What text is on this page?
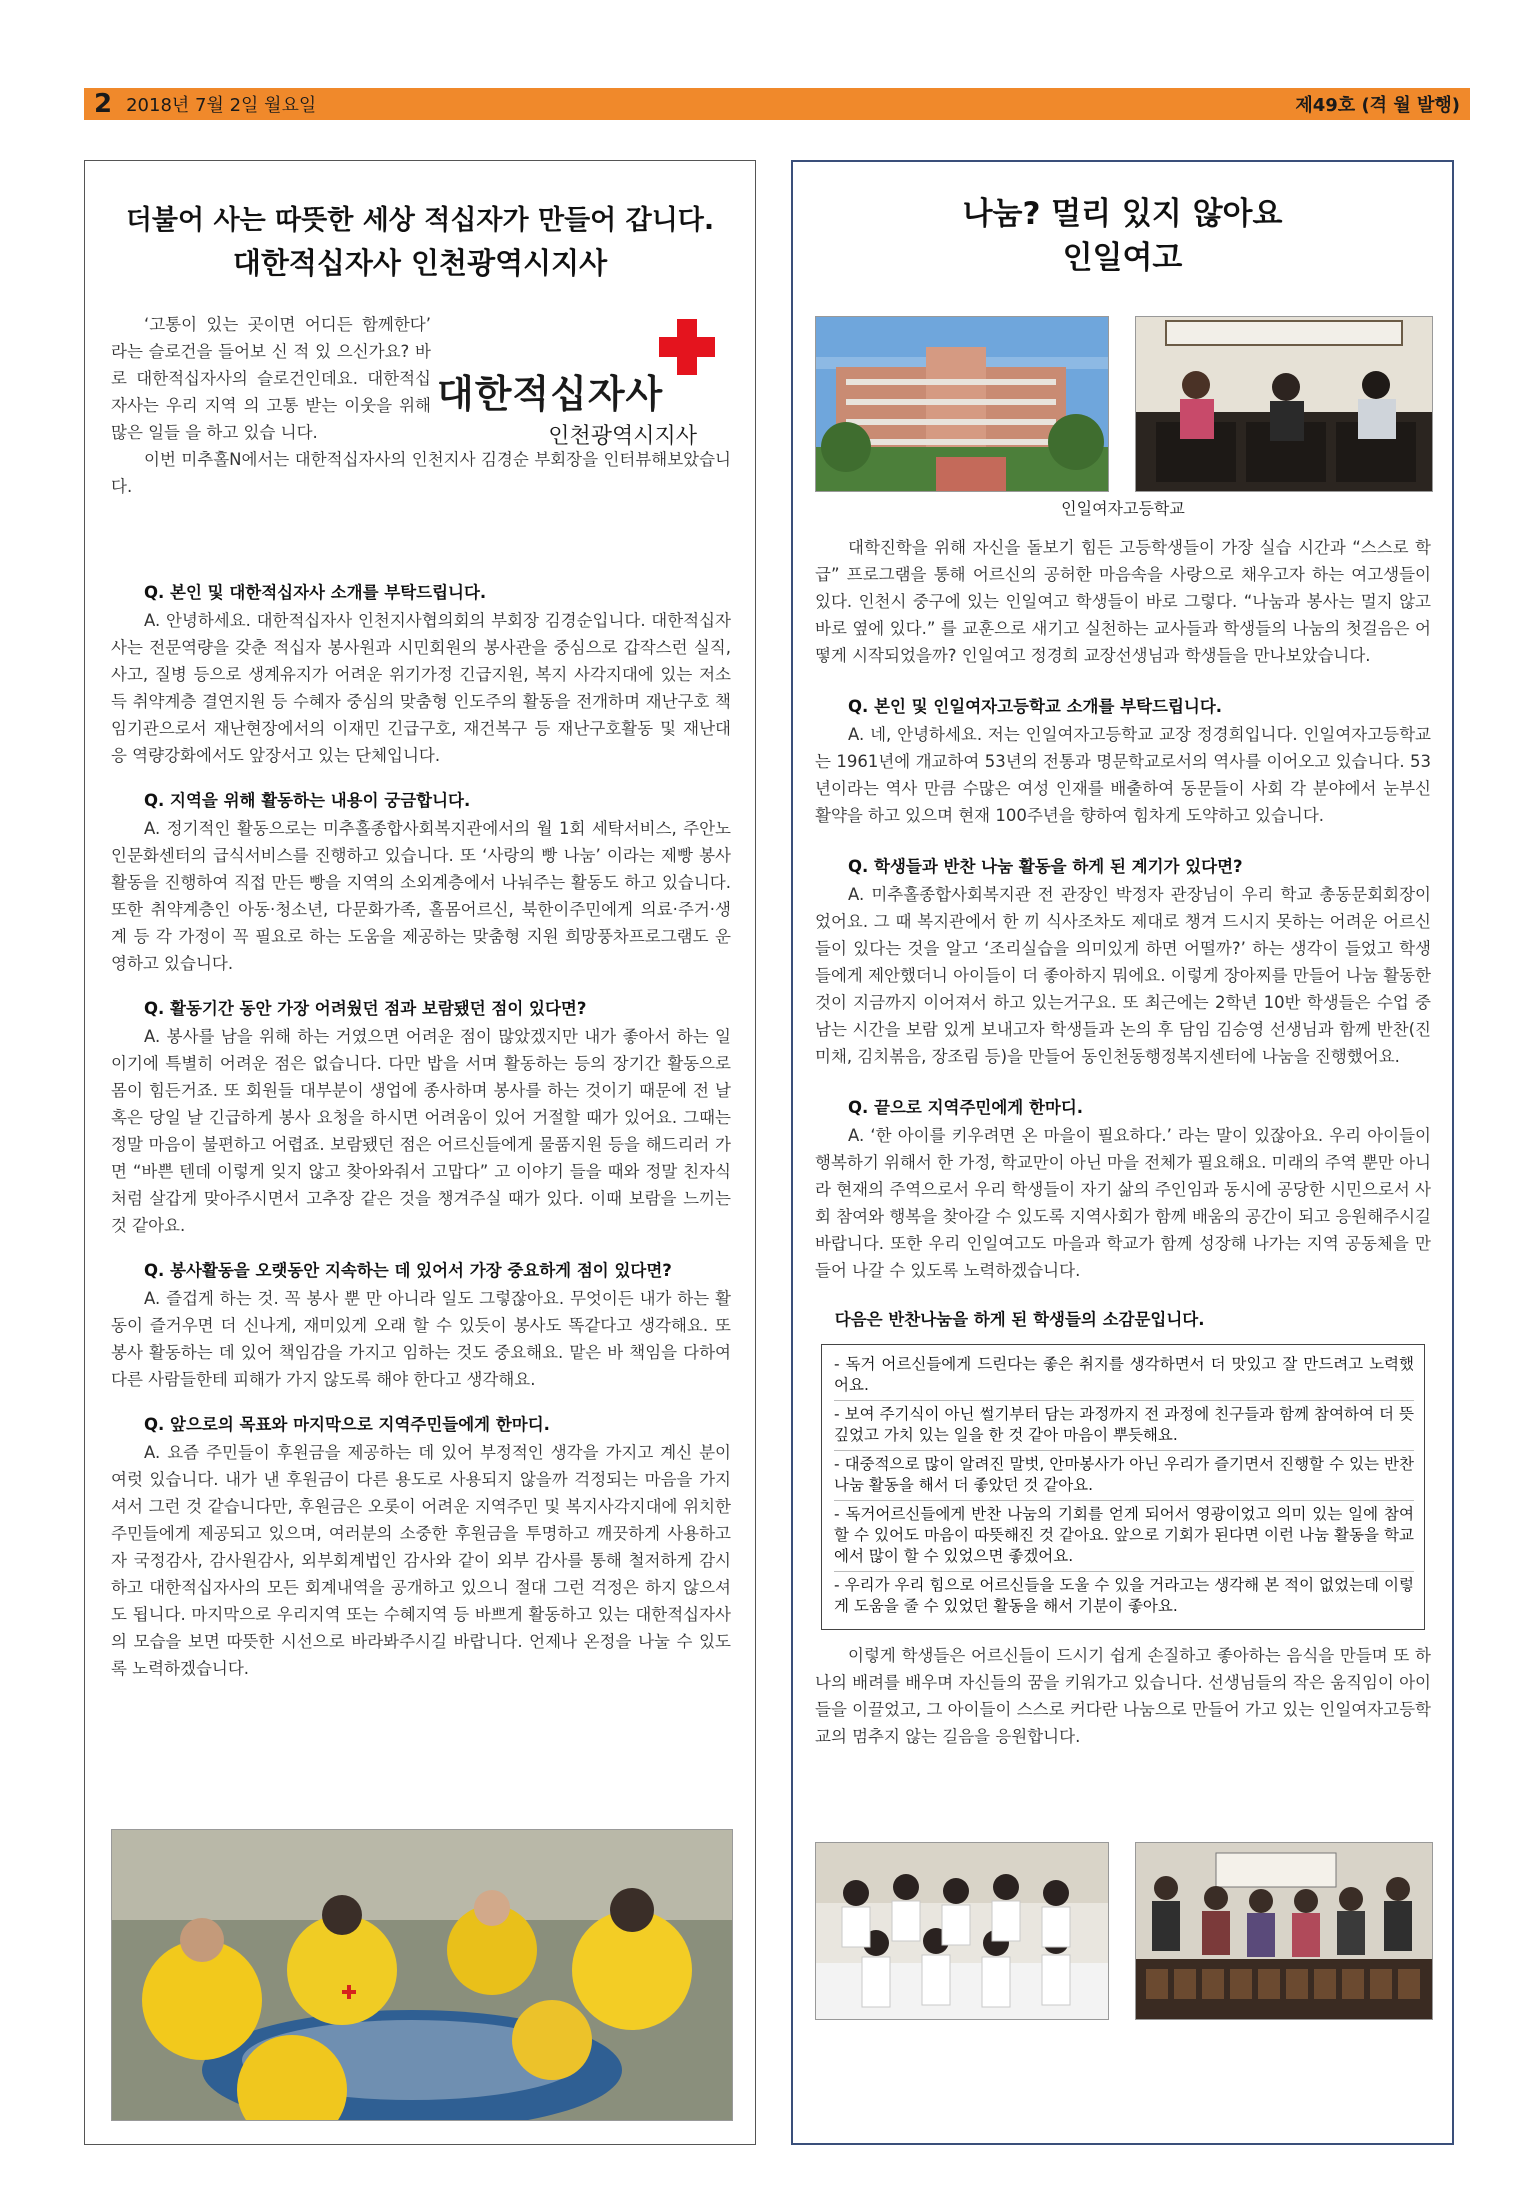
2 2018년 7월 2일 월요일	제49호 (격 월 발행)
더불어 사는 따뜻한 세상 적십자가 만들어 갑니다.
대한적십자사 인천광역시지사
대한적십자사
인천광역시지사
‘고통이 있는 곳이면 어디든 함께한다’ 라는 슬로건을 들어보 신 적 있 으신가요? 바로 대한적십자사의 슬로건인데요. 대한적십자사는 우리 지역 의 고통 받는 이웃을 위해 많은 일들 을 하고 있습 니다.
이번 미추홀N에서는 대한적십자사의 인천지사 김경순 부회장을 인터뷰해보았습니다.
Q. 본인 및 대한적십자사 소개를 부탁드립니다.
A. 안녕하세요. 대한적십자사 인천지사협의회의 부회장 김경순입니다. 대한적십자사는 전문역량을 갖춘 적십자 봉사원과 시민회원의 봉사관을 중심으로 갑작스런 실직, 사고, 질병 등으로 생계유지가 어려운 위기가정 긴급지원, 복지 사각지대에 있는 저소득 취약계층 결연지원 등 수혜자 중심의 맞춤형 인도주의 활동을 전개하며 재난구호 책임기관으로서 재난현장에서의 이재민 긴급구호, 재건복구 등 재난구호활동 및 재난대응 역량강화에서도 앞장서고 있는 단체입니다.
Q. 지역을 위해 활동하는 내용이 궁금합니다.
A. 정기적인 활동으로는 미추홀종합사회복지관에서의 월 1회 세탁서비스, 주안노인문화센터의 급식서비스를 진행하고 있습니다. 또 ‘사랑의 빵 나눔’ 이라는 제빵 봉사활동을 진행하여 직접 만든 빵을 지역의 소외계층에서 나눠주는 활동도 하고 있습니다. 또한 취약계층인 아동·청소년, 다문화가족, 홀몸어르신, 북한이주민에게 의료·주거·생계 등 각 가정이 꼭 필요로 하는 도움을 제공하는 맞춤형 지원 희망풍차프로그램도 운영하고 있습니다.
Q. 활동기간 동안 가장 어려웠던 점과 보람됐던 점이 있다면?
A. 봉사를 남을 위해 하는 거였으면 어려운 점이 많았겠지만 내가 좋아서 하는 일이기에 특별히 어려운 점은 없습니다. 다만 밥을 서며 활동하는 등의 장기간 활동으로 몸이 힘든거죠. 또 회원들 대부분이 생업에 종사하며 봉사를 하는 것이기 때문에 전 날 혹은 당일 날 긴급하게 봉사 요청을 하시면 어려움이 있어 거절할 때가 있어요. 그때는 정말 마음이 불편하고 어렵죠. 보람됐던 점은 어르신들에게 물품지원 등을 해드리러 가면 “바쁜 텐데 이렇게 잊지 않고 찾아와줘서 고맙다” 고 이야기 들을 때와 정말 친자식처럼 살갑게 맞아주시면서 고추장 같은 것을 챙겨주실 때가 있다. 이때 보람을 느끼는 것 같아요.
Q. 봉사활동을 오랫동안 지속하는 데 있어서 가장 중요하게 점이 있다면?
A. 즐겁게 하는 것. 꼭 봉사 뿐 만 아니라 일도 그렇잖아요. 무엇이든 내가 하는 활동이 즐거우면 더 신나게, 재미있게 오래 할 수 있듯이 봉사도 똑같다고 생각해요. 또 봉사 활동하는 데 있어 책임감을 가지고 임하는 것도 중요해요. 맡은 바 책임을 다하여 다른 사람들한테 피해가 가지 않도록 해야 한다고 생각해요.
Q. 앞으로의 목표와 마지막으로 지역주민들에게 한마디.
A. 요즘 주민들이 후원금을 제공하는 데 있어 부정적인 생각을 가지고 계신 분이 여럿 있습니다. 내가 낸 후원금이 다른 용도로 사용되지 않을까 걱정되는 마음을 가지셔서 그런 것 같습니다만, 후원금은 오롯이 어려운 지역주민 및 복지사각지대에 위치한 주민들에게 제공되고 있으며, 여러분의 소중한 후원금을 투명하고 깨끗하게 사용하고자 국정감사, 감사원감사, 외부회계법인 감사와 같이 외부 감사를 통해 철저하게 감시하고 대한적십자사의 모든 회계내역을 공개하고 있으니 절대 그런 걱정은 하지 않으셔도 됩니다. 마지막으로 우리지역 또는 수혜지역 등 바쁘게 활동하고 있는 대한적십자사의 모습을 보면 따뜻한 시선으로 바라봐주시길 바랍니다. 언제나 온정을 나눌 수 있도록 노력하겠습니다.
나눔? 멀리 있지 않아요
인일여고
인일여자고등학교
대학진학을 위해 자신을 돌보기 힘든 고등학생들이 가장 실습 시간과 “스스로 학급” 프로그램을 통해 어르신의 공허한 마음속을 사랑으로 채우고자 하는 여고생들이 있다. 인천시 중구에 있는 인일여고 학생들이 바로 그렇다. “나눔과 봉사는 멀지 않고 바로 옆에 있다.” 를 교훈으로 새기고 실천하는 교사들과 학생들의 나눔의 첫걸음은 어떻게 시작되었을까? 인일여고 정경희 교장선생님과 학생들을 만나보았습니다.
Q. 본인 및 인일여자고등학교 소개를 부탁드립니다.
A. 네, 안녕하세요. 저는 인일여자고등학교 교장 정경희입니다. 인일여자고등학교는 1961년에 개교하여 53년의 전통과 명문학교로서의 역사를 이어오고 있습니다. 53년이라는 역사 만큼 수많은 여성 인재를 배출하여 동문들이 사회 각 분야에서 눈부신 활약을 하고 있으며 현재 100주년을 향하여 힘차게 도약하고 있습니다.
Q. 학생들과 반찬 나눔 활동을 하게 된 계기가 있다면?
A. 미추홀종합사회복지관 전 관장인 박정자 관장님이 우리 학교 총동문회회장이었어요. 그 때 복지관에서 한 끼 식사조차도 제대로 챙겨 드시지 못하는 어려운 어르신들이 있다는 것을 알고 ‘조리실습을 의미있게 하면 어떨까?’ 하는 생각이 들었고 학생들에게 제안했더니 아이들이 더 좋아하지 뭐에요. 이렇게 장아찌를 만들어 나눔 활동한 것이 지금까지 이어져서 하고 있는거구요. 또 최근에는 2학년 10반 학생들은 수업 중 남는 시간을 보람 있게 보내고자 학생들과 논의 후 담임 김승영 선생님과 함께 반찬(진미채, 김치볶음, 장조림 등)을 만들어 동인천동행정복지센터에 나눔을 진행했어요.
Q. 끝으로 지역주민에게 한마디.
A. ‘한 아이를 키우려면 온 마을이 필요하다.’ 라는 말이 있잖아요. 우리 아이들이 행복하기 위해서 한 가정, 학교만이 아닌 마을 전체가 필요해요. 미래의 주역 뿐만 아니라 현재의 주역으로서 우리 학생들이 자기 삶의 주인임과 동시에 공당한 시민으로서 사회 참여와 행복을 찾아갈 수 있도록 지역사회가 함께 배움의 공간이 되고 응원해주시길 바랍니다. 또한 우리 인일여고도 마을과 학교가 함께 성장해 나가는 지역 공동체을 만들어 나갈 수 있도록 노력하겠습니다.
다음은 반찬나눔을 하게 된 학생들의 소감문입니다.
- 독거 어르신들에게 드린다는 좋은 취지를 생각하면서 더 맛있고 잘 만드려고 노력했어요.
- 보여 주기식이 아닌 썰기부터 담는 과정까지 전 과정에 친구들과 함께 참여하여 더 뜻 깊었고 가치 있는 일을 한 것 같아 마음이 뿌듯해요.
- 대중적으로 많이 알려진 말벗, 안마봉사가 아닌 우리가 즐기면서 진행할 수 있는 반찬 나눔 활동을 해서 더 좋았던 것 같아요.
- 독거어르신들에게 반찬 나눔의 기회를 얻게 되어서 영광이었고 의미 있는 일에 참여할 수 있어도 마음이 따뜻해진 것 같아요. 앞으로 기회가 된다면 이런 나눔 활동을 학교에서 많이 할 수 있었으면 좋겠어요.
- 우리가 우리 힘으로 어르신들을 도울 수 있을 거라고는 생각해 본 적이 없었는데 이렇게 도움을 줄 수 있었던 활동을 해서 기분이 좋아요.
이렇게 학생들은 어르신들이 드시기 쉽게 손질하고 좋아하는 음식을 만들며 또 하나의 배려를 배우며 자신들의 꿈을 키워가고 있습니다. 선생님들의 작은 움직임이 아이들을 이끌었고, 그 아이들이 스스로 커다란 나눔으로 만들어 가고 있는 인일여자고등학교의 멈추지 않는 길음을 응원합니다.
